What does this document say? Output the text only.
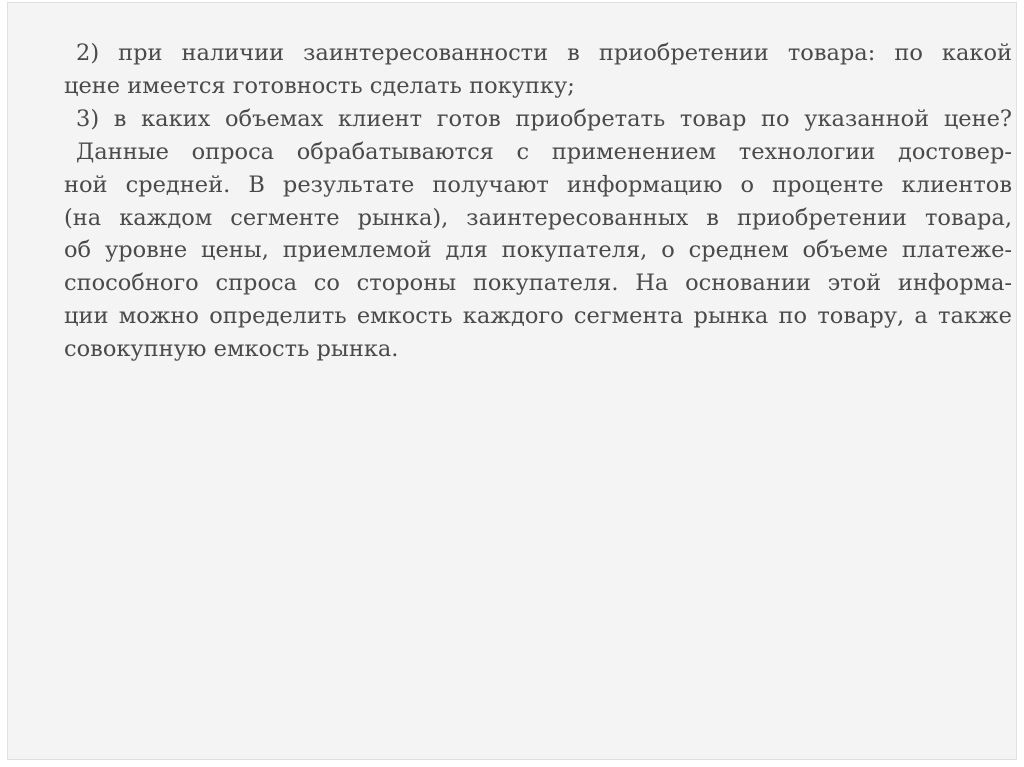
2) при наличии заинтересованности в приобретении товара: по какой
цене имеется готовность сделать покупку;

3) в каких объемах клиент готов приобретать товар по указанной цене?

Данные опроса обрабатываются с применением технологии достовер-
ной средней. В результате получают информацию о проценте клиентов
(на каждом сегменте рынка), заинтересованных в приобретении товара,
об уровне цены, приемлемой для покупателя, о среднем объеме платеже-
способного спроса со стороны покупателя. На основании этой информа-
ции можно определить емкость каждого сегмента рынка по товару, а также
совокупную емкость рынка.
